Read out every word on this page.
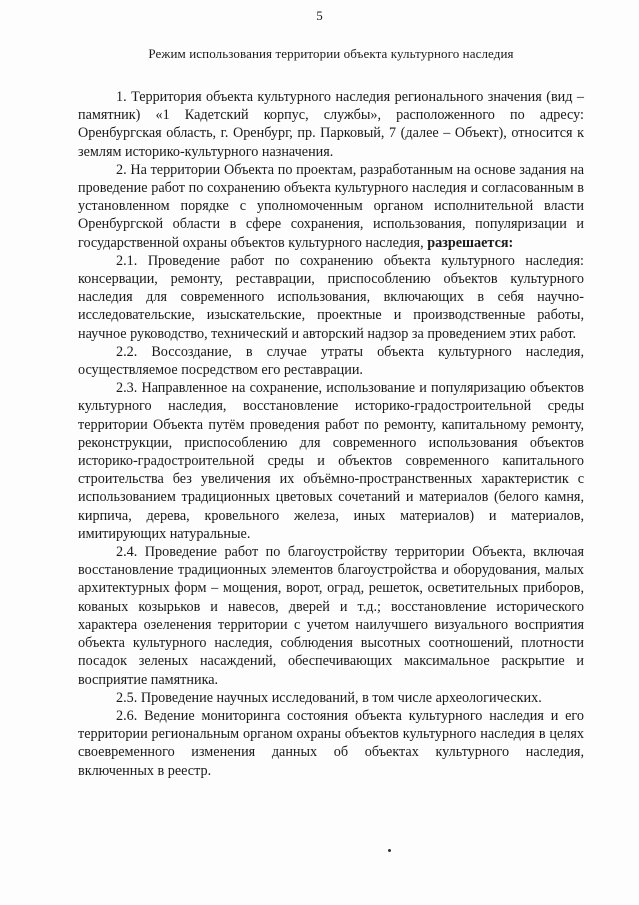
5
Режим использования территории объекта культурного наследия

1. Территория объекта культурного наследия регионального значения (вид – памятник) «1 Кадетский корпус, службы», расположенного по адресу: Оренбургская область, г. Оренбург, пр. Парковый, 7 (далее – Объект), относится к землям историко-культурного назначения.

2. На территории Объекта по проектам, разработанным на основе задания на проведение работ по сохранению объекта культурного наследия и согласованным в установленном порядке с уполномоченным органом исполнительной власти Оренбургской области в сфере сохранения, использования, популяризации и государственной охраны объектов культурного наследия, разрешается:

2.1. Проведение работ по сохранению объекта культурного наследия: консервации, ремонту, реставрации, приспособлению объектов культурного наследия для современного использования, включающих в себя научно-исследовательские, изыскательские, проектные и производственные работы, научное руководство, технический и авторский надзор за проведением этих работ.

2.2. Воссоздание, в случае утраты объекта культурного наследия, осуществляемое посредством его реставрации.

2.3. Направленное на сохранение, использование и популяризацию объектов культурного наследия, восстановление историко-градостроительной среды территории Объекта путём проведения работ по ремонту, капитальному ремонту, реконструкции, приспособлению для современного использования объектов историко-градостроительной среды и объектов современного капитального строительства без увеличения их объёмно-пространственных характеристик с использованием традиционных цветовых сочетаний и материалов (белого камня, кирпича, дерева, кровельного железа, иных материалов) и материалов, имитирующих натуральные.

2.4. Проведение работ по благоустройству территории Объекта, включая восстановление традиционных элементов благоустройства и оборудования, малых архитектурных форм – мощения, ворот, оград, решеток, осветительных приборов, кованых козырьков и навесов, дверей и т.д.; восстановление исторического характера озеленения территории с учетом наилучшего визуального восприятия объекта культурного наследия, соблюдения высотных соотношений, плотности посадок зеленых насаждений, обеспечивающих максимальное раскрытие и восприятие памятника.

2.5. Проведение научных исследований, в том числе археологических.

2.6. Ведение мониторинга состояния объекта культурного наследия и его территории региональным органом охраны объектов культурного наследия в целях своевременного изменения данных об объектах культурного наследия, включенных в реестр.
